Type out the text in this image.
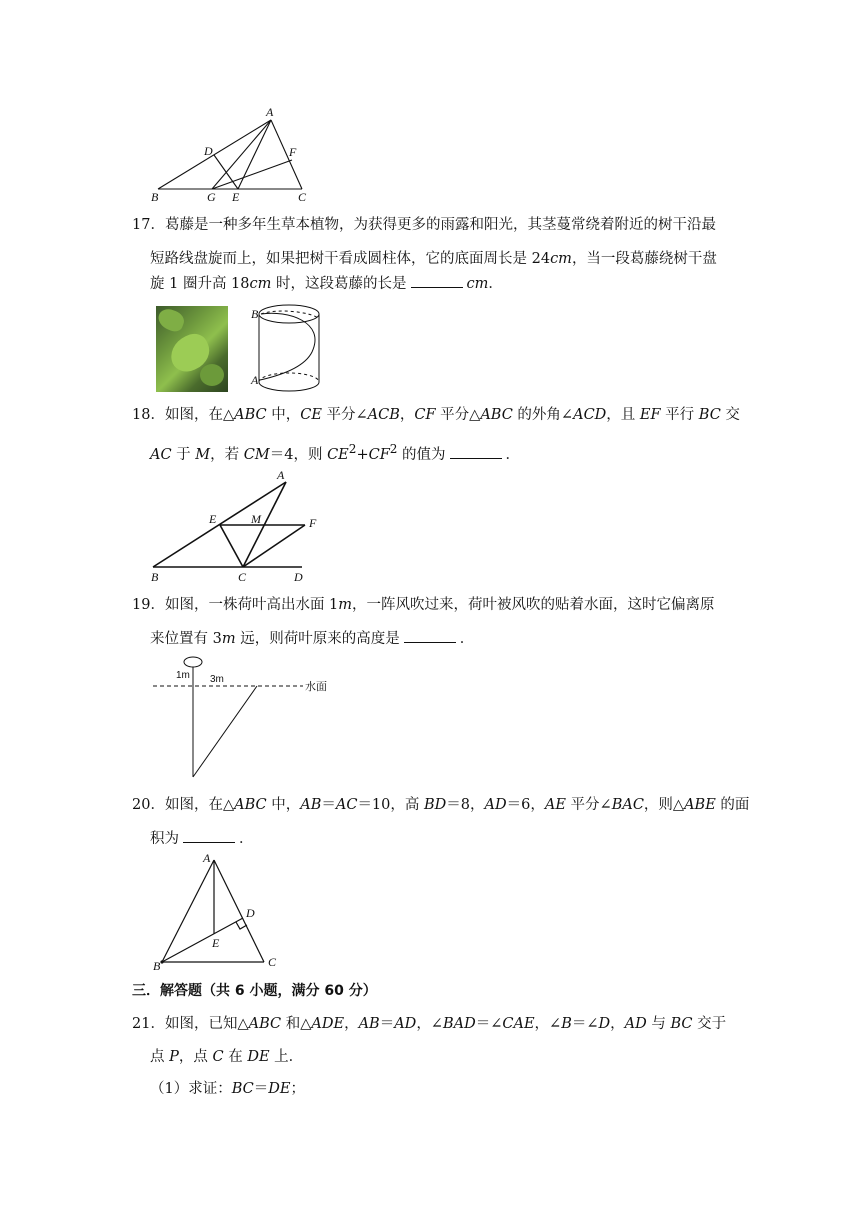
A
D	F
B	G E	C
17．葛藤是一种多年生草本植物，为获得更多的雨露和阳光，其茎蔓常绕着附近的树干沿最
短路线盘旋而上，如果把树干看成圆柱体，它的底面周长是 24cm，当一段葛藤绕树干盘
旋 1 圈升高 18cm 时，这段葛藤的长是	cm．
B
A
18．如图，在△ABC 中，CE 平分∠ACB，CF 平分△ABC 的外角∠ACD，且 EF 平行 BC 交
AC 于 M，若 CM＝4，则 $CE^2+CF^2$ 的值为	．
A
E	M	F
B	C	D
19．如图，一株荷叶高出水面 1m，一阵风吹过来，荷叶被风吹的贴着水面，这时它偏离原
来位置有 3m 远，则荷叶原来的高度是	．
1m 3m
水面
20．如图，在△ABC 中，AB＝AC＝10，高 BD＝8，AD＝6，AE 平分∠BAC，则△ABE 的面
积为	．
A
D
E
B	C
三．解答题（共 6 小题，满分 60 分）
21．如图，已知△ABC 和△ADE，AB＝AD，∠BAD＝∠CAE，∠B＝∠D，AD 与 BC 交于
点 P，点 C 在 DE 上．
（1）求证：BC＝DE；
